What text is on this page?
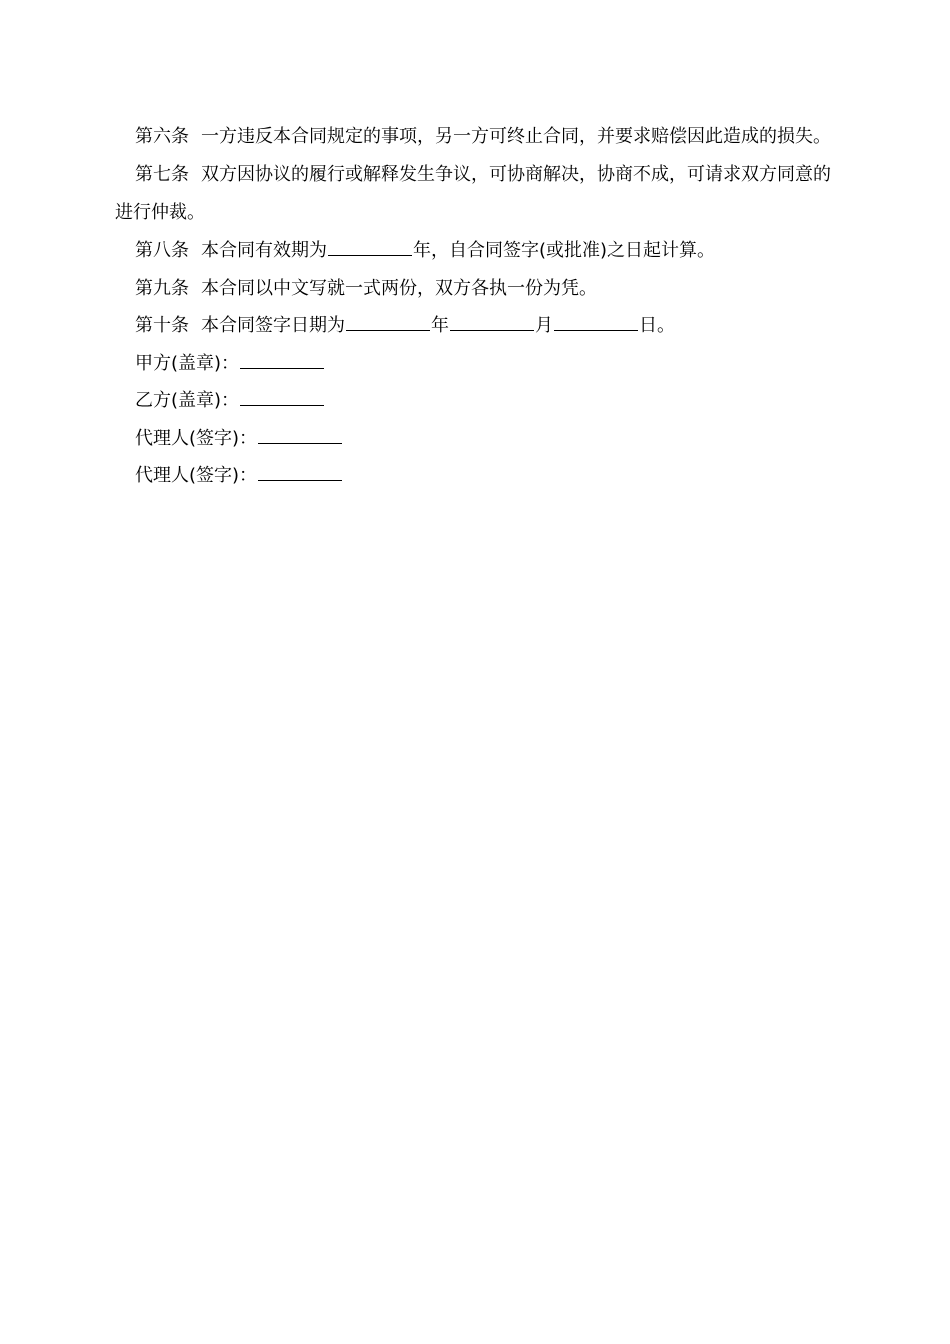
第六条 一方违反本合同规定的事项，另一方可终止合同，并要求赔偿因此造成的损失。

第七条 双方因协议的履行或解释发生争议，可协商解决，协商不成，可请求双方同意的进行仲裁。

第八条 本合同有效期为	年，自合同签字(或批准)之日起计算。

第九条 本合同以中文写就一式两份，双方各执一份为凭。

第十条 本合同签字日期为	年	月	日。

甲方(盖章)：

乙方(盖章)：

代理人(签字)：

代理人(签字)：
